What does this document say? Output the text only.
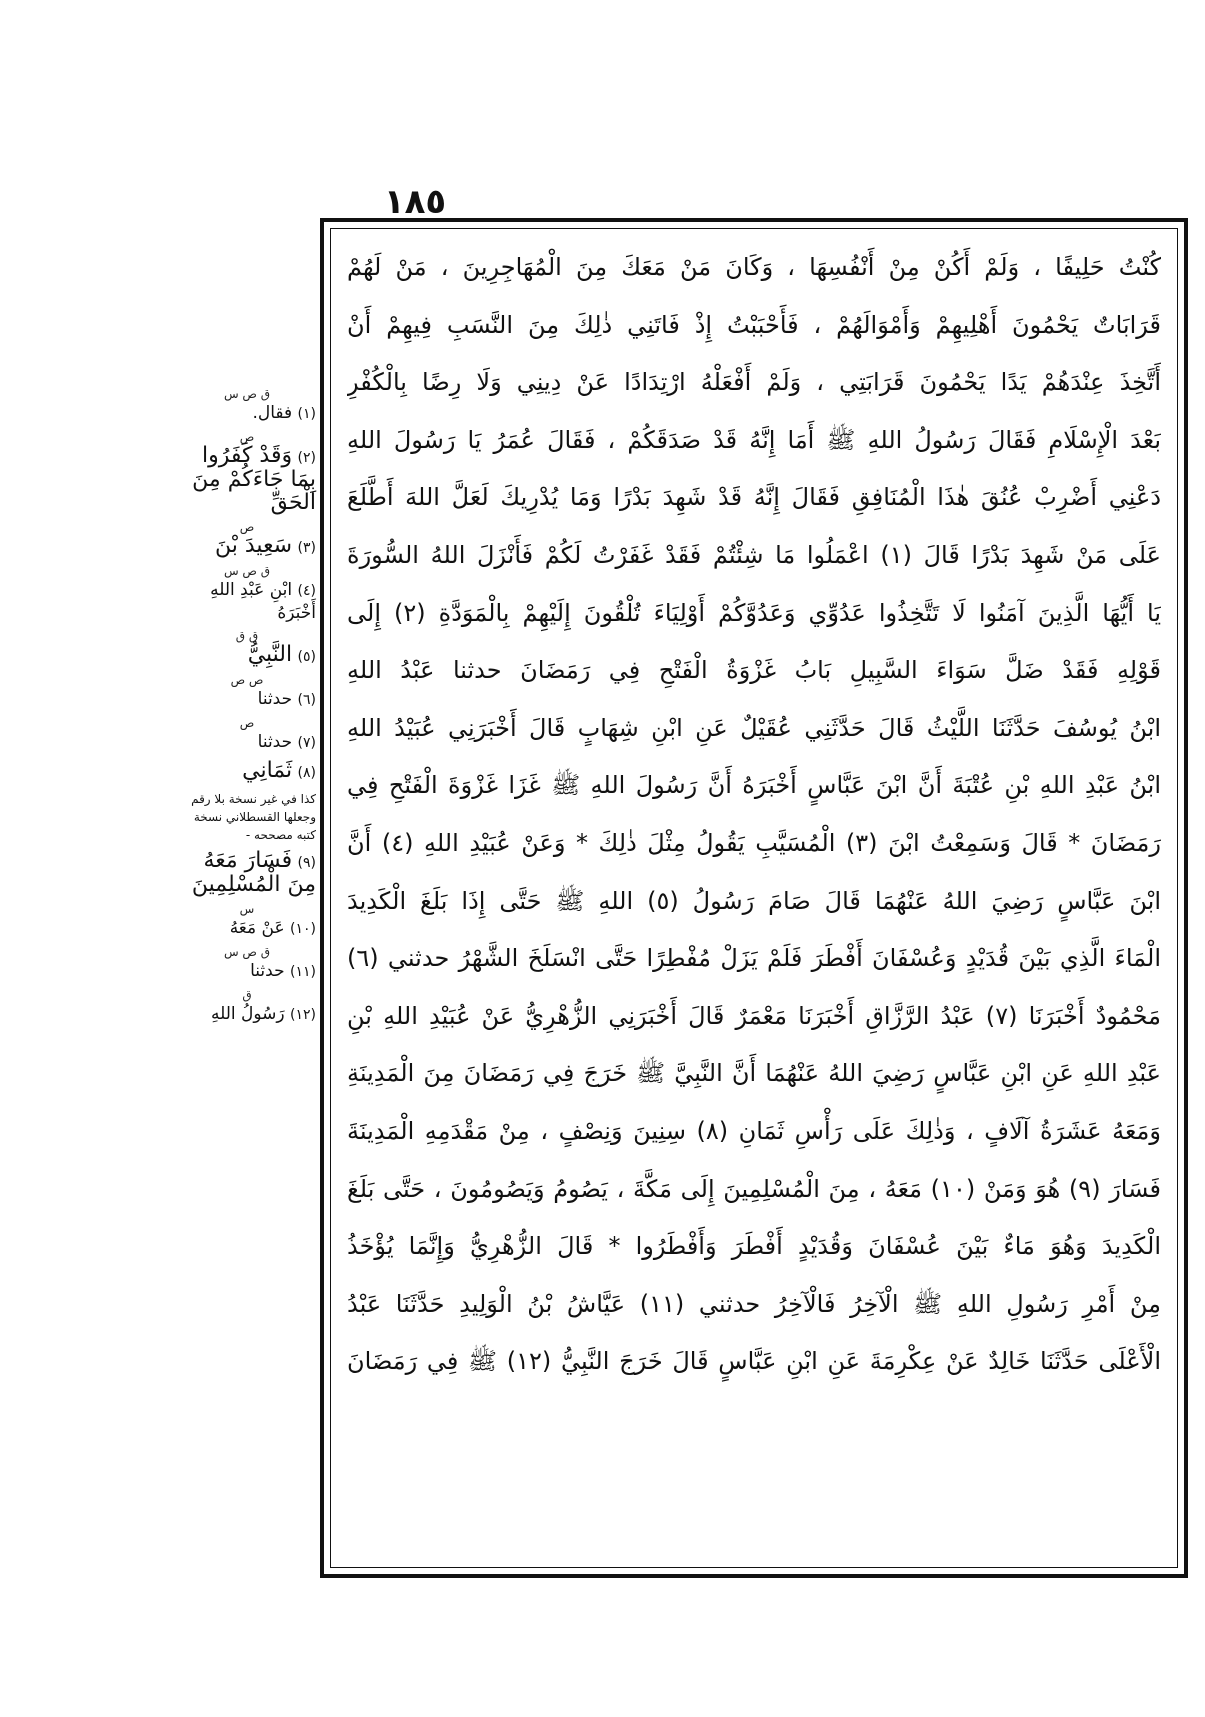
١٨٥
كُنْتُ حَلِيفًا ، وَلَمْ أَكُنْ مِنْ أَنْفُسِهَا ، وَكَانَ مَنْ مَعَكَ مِنَ الْمُهَاجِرِينَ ، مَنْ لَهُمْ
قَرَابَاتٌ يَحْمُونَ أَهْلِيهِمْ وَأَمْوَالَهُمْ ، فَأَحْبَبْتُ إِذْ فَاتَنِي ذٰلِكَ مِنَ النَّسَبِ فِيهِمْ أَنْ
أَتَّخِذَ عِنْدَهُمْ يَدًا يَحْمُونَ قَرَابَتِي ، وَلَمْ أَفْعَلْهُ ارْتِدَادًا عَنْ دِينِي وَلَا رِضًا بِالْكُفْرِ
بَعْدَ الْإِسْلَامِ فَقَالَ رَسُولُ اللهِ ﷺ أَمَا إِنَّهُ قَدْ صَدَقَكُمْ ، فَقَالَ عُمَرُ يَا رَسُولَ اللهِ
دَعْنِي أَضْرِبْ عُنُقَ هٰذَا الْمُنَافِقِ فَقَالَ إِنَّهُ قَدْ شَهِدَ بَدْرًا وَمَا يُدْرِيكَ لَعَلَّ اللهَ أَطَّلَعَ
عَلَى مَنْ شَهِدَ بَدْرًا قَالَ (١) اعْمَلُوا مَا شِئْتُمْ فَقَدْ غَفَرْتُ لَكُمْ فَأَنْزَلَ اللهُ السُّورَةَ
يَا أَيُّهَا الَّذِينَ آمَنُوا لَا تَتَّخِذُوا عَدُوِّي وَعَدُوَّكُمْ أَوْلِيَاءَ تُلْقُونَ إِلَيْهِمْ بِالْمَوَدَّةِ (٢) إِلَى
قَوْلِهِ فَقَدْ ضَلَّ سَوَاءَ السَّبِيلِ بَابُ غَزْوَةُ الْفَتْحِ فِي رَمَضَانَ حدثنا عَبْدُ اللهِ
ابْنُ يُوسُفَ حَدَّثَنَا اللَّيْثُ قَالَ حَدَّثَنِي عُقَيْلٌ عَنِ ابْنِ شِهَابٍ قَالَ أَخْبَرَنِي عُبَيْدُ اللهِ
ابْنُ عَبْدِ اللهِ بْنِ عُتْبَةَ أَنَّ ابْنَ عَبَّاسٍ أَخْبَرَهُ أَنَّ رَسُولَ اللهِ ﷺ غَزَا غَزْوَةَ الْفَتْحِ فِي
رَمَضَانَ * قَالَ وَسَمِعْتُ ابْنَ (٣) الْمُسَيَّبِ يَقُولُ مِثْلَ ذٰلِكَ * وَعَنْ عُبَيْدِ اللهِ (٤) أَنَّ
ابْنَ عَبَّاسٍ رَضِيَ اللهُ عَنْهُمَا قَالَ صَامَ رَسُولُ (٥) اللهِ ﷺ حَتَّى إِذَا بَلَغَ الْكَدِيدَ
الْمَاءَ الَّذِي بَيْنَ قُدَيْدٍ وَعُسْفَانَ أَفْطَرَ فَلَمْ يَزَلْ مُفْطِرًا حَتَّى انْسَلَخَ الشَّهْرُ حدثني (٦)
مَحْمُودٌ أَخْبَرَنَا (٧) عَبْدُ الرَّزَّاقِ أَخْبَرَنَا مَعْمَرٌ قَالَ أَخْبَرَنِي الزُّهْرِيُّ عَنْ عُبَيْدِ اللهِ بْنِ
عَبْدِ اللهِ عَنِ ابْنِ عَبَّاسٍ رَضِيَ اللهُ عَنْهُمَا أَنَّ النَّبِيَّ ﷺ خَرَجَ فِي رَمَضَانَ مِنَ الْمَدِينَةِ
وَمَعَهُ عَشَرَةُ آلَافٍ ، وَذٰلِكَ عَلَى رَأْسِ ثَمَانِ (٨) سِنِينَ وَنِصْفٍ ، مِنْ مَقْدَمِهِ الْمَدِينَةَ
فَسَارَ (٩) هُوَ وَمَنْ (١٠) مَعَهُ ، مِنَ الْمُسْلِمِينَ إِلَى مَكَّةَ ، يَصُومُ وَيَصُومُونَ ، حَتَّى بَلَغَ
الْكَدِيدَ وَهُوَ مَاءٌ بَيْنَ عُسْفَانَ وَقُدَيْدٍ أَفْطَرَ وَأَفْطَرُوا * قَالَ الزُّهْرِيُّ وَإِنَّمَا يُؤْخَذُ
مِنْ أَمْرِ رَسُولِ اللهِ ﷺ الْآخِرُ فَالْآخِرُ حدثني (١١) عَيَّاشُ بْنُ الْوَلِيدِ حَدَّثَنَا عَبْدُ
الْأَعْلَى حَدَّثَنَا خَالِدٌ عَنْ عِكْرِمَةَ عَنِ ابْنِ عَبَّاسٍ قَالَ خَرَجَ النَّبِيُّ (١٢) ﷺ فِي رَمَضَانَ
ق ص س
(١) فقال.
ص
(٢) وَقَدْ كَفَرُوا بِمَا جَاءَكُمْ مِنَ الْحَقِّ
ص
(٣) سَعِيدَ بْنَ
ق ص س
(٤) ابْنِ عَبْدِ اللهِ أَخْبَرَهُ
ق ق
(٥) النَّبِيُّ
ص ص
(٦) حدثنا
ص
(٧) حدثنا
(٨) ثَمَانِي
كذا في غير نسخة بلا رقم وجعلها القسطلاني نسخة كتبه مصححه -
(٩) فَسَارَ مَعَهُ مِنَ الْمُسْلِمِينَ
س
(١٠) عَنْ مَعَهُ
ق ص س
(١١) حدثنا
ق
(١٢) رَسُولُ اللهِ
